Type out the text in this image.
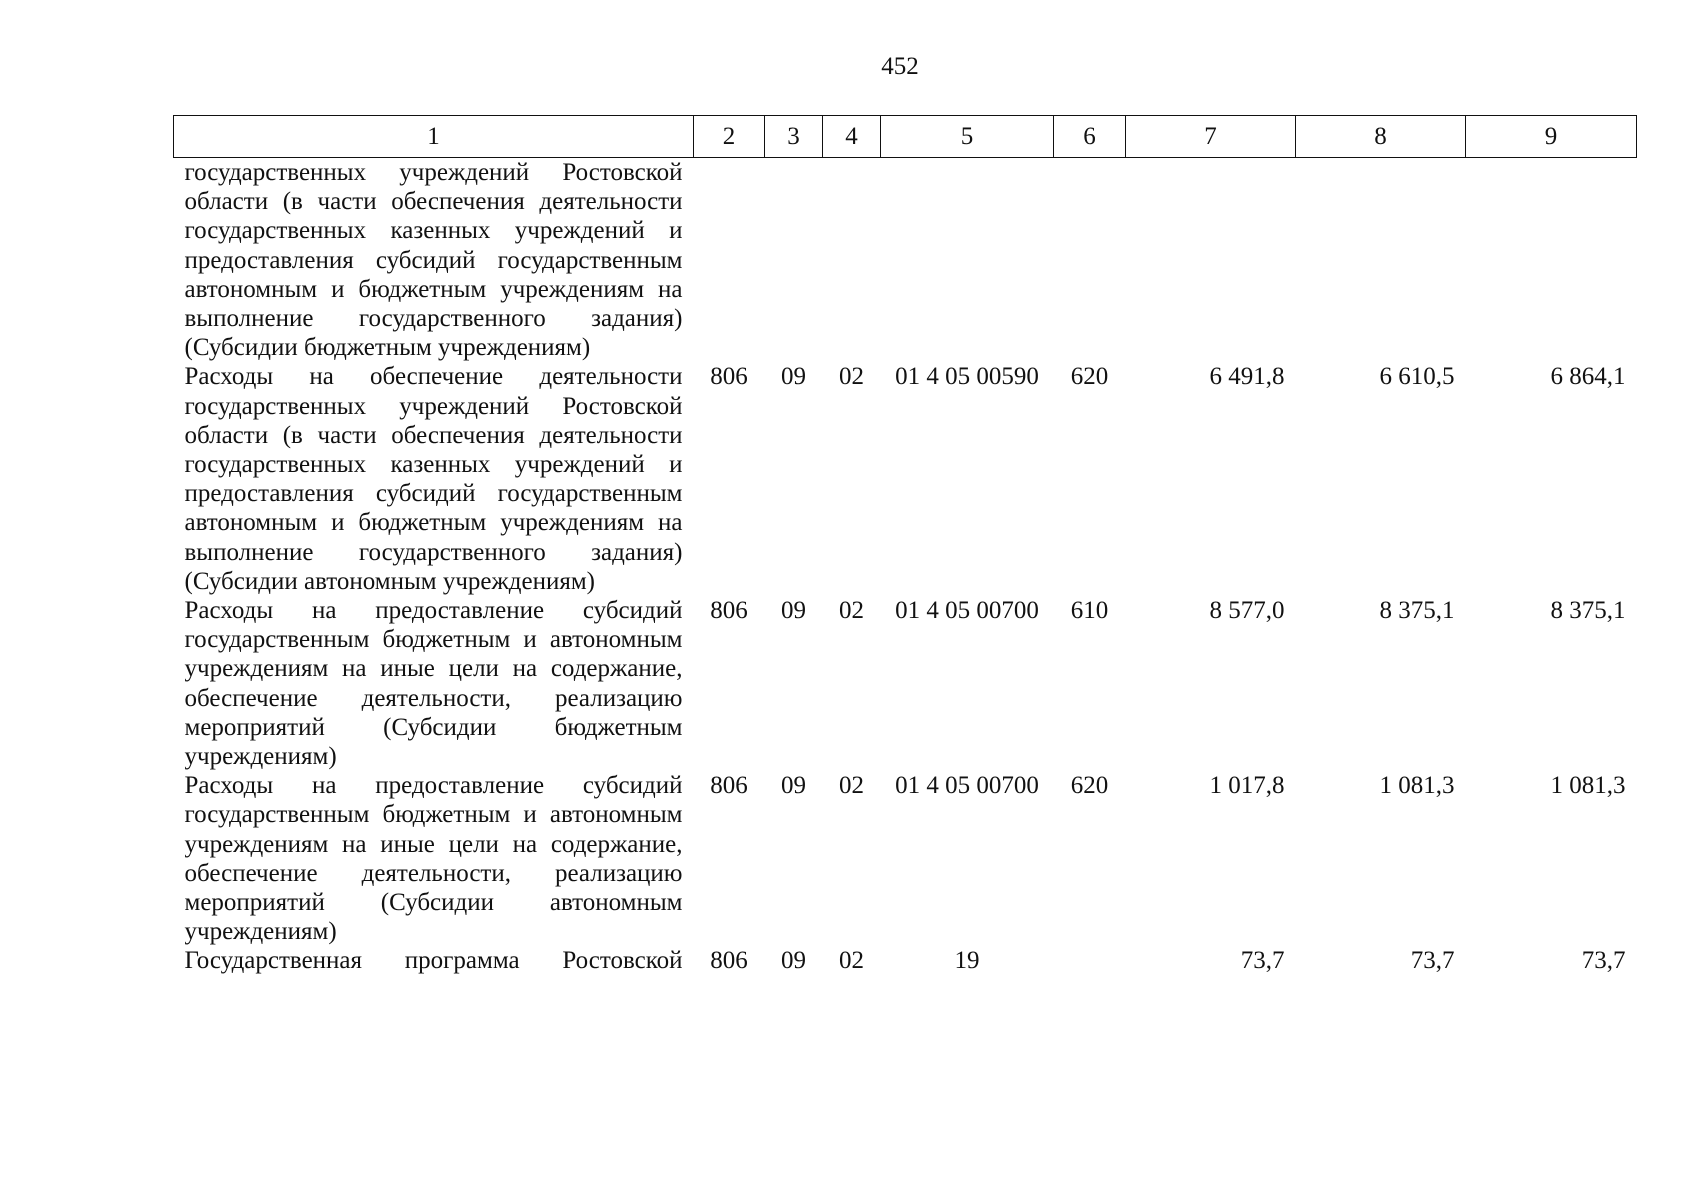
452
1	2	3	4	5	6	7	8	9
государственных учреждений Ростовской области (в части обеспечения деятельности государственных казенных учреждений и предоставления субсидий государственным автономным и бюджетным учреждениям на выполнение государственного задания) (Субсидии бюджетным учреждениям)								
Расходы на обеспечение деятельности государственных учреждений Ростовской области (в части обеспечения деятельности государственных казенных учреждений и предоставления субсидий государственным автономным и бюджетным учреждениям на выполнение государственного задания) (Субсидии автономным учреждениям)	806	09	02	01 4 05 00590	620	6 491,8	6 610,5	6 864,1
Расходы на предоставление субсидий государственным бюджетным и автономным учреждениям на иные цели на содержание, обеспечение деятельности, реализацию мероприятий (Субсидии бюджетным учреждениям)	806	09	02	01 4 05 00700	610	8 577,0	8 375,1	8 375,1
Расходы на предоставление субсидий государственным бюджетным и автономным учреждениям на иные цели на содержание, обеспечение деятельности, реализацию мероприятий (Субсидии автономным учреждениям)	806	09	02	01 4 05 00700	620	1 017,8	1 081,3	1 081,3
Государственная программа Ростовской	806	09	02	19		73,7	73,7	73,7
